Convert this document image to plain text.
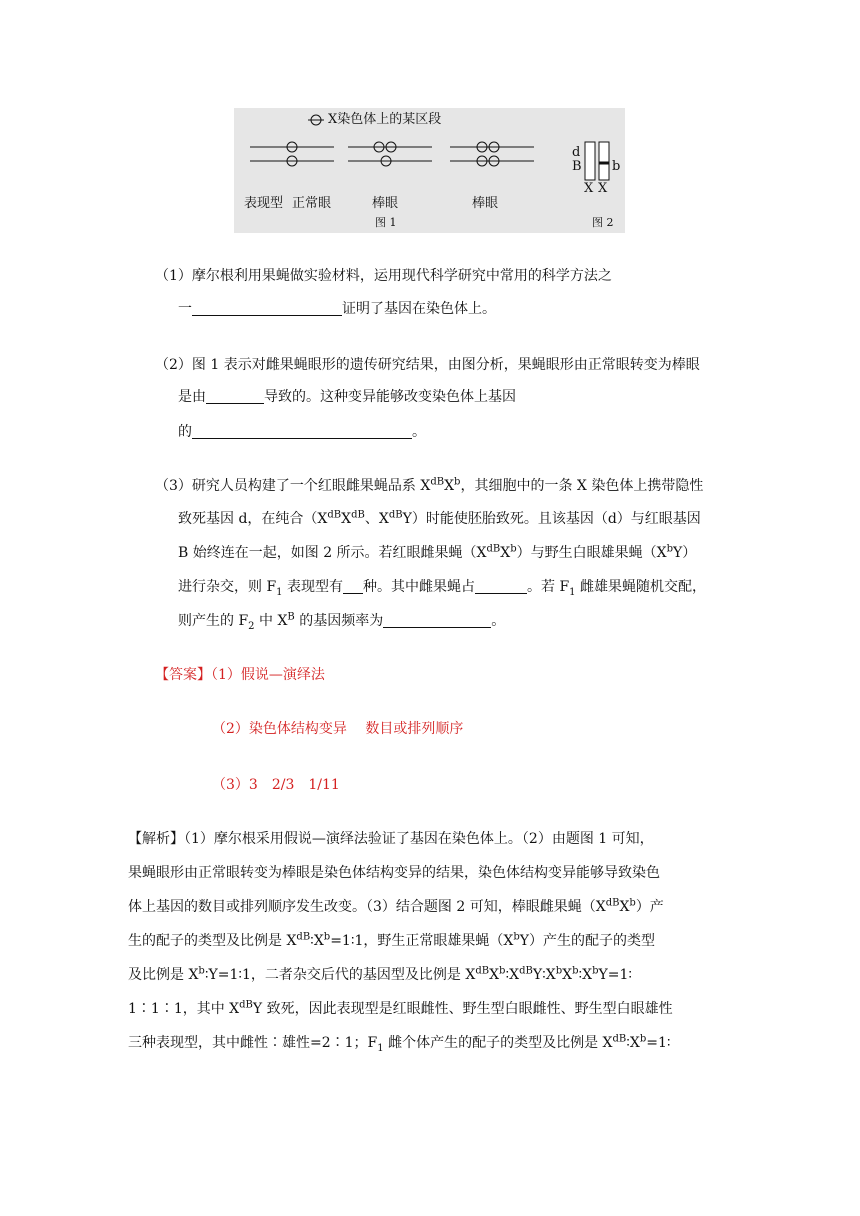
X染色体上的某区段
表现型 正常眼	棒眼	棒眼
图 1	图 2
d
B b
X X
（1）摩尔根利用果蝇做实验材料，运用现代科学研究中常用的科学方法之
一	证明了基因在染色体上。
（2）图 1 表示对雌果蝇眼形的遗传研究结果，由图分析，果蝇眼形由正常眼转变为棒眼
是由	导致的。这种变异能够改变染色体上基因
的	。
（3）研究人员构建了一个红眼雌果蝇品系 $X^{dB}X^b$，其细胞中的一条 X 染色体上携带隐性
致死基因 d，在纯合（$X^{dB}X^{dB}$、$X^{dB}Y$）时能使胚胎致死。且该基因（d）与红眼基因
B 始终连在一起，如图 2 所示。若红眼雌果蝇$(X^{dB}X^b)$与野生白眼雄果蝇$(X^bY)$
进行杂交，则 $F_1$ 表现型有 种。其中雌果蝇占	。若 $F_1$ 雌雄果蝇随机交配，
则产生的 $F_2$ 中 $X^B$ 的基因频率为	。
【答案】（1）假说—演绎法
（2）染色体结构变异　 数目或排列顺序
（3）3　2/3　1/11
【解析】（1）摩尔根采用假说—演绎法验证了基因在染色体上。（2）由题图 1 可知，
果蝇眼形由正常眼转变为棒眼是染色体结构变异的结果，染色体结构变异能够导致染色
体上基因的数目或排列顺序发生改变。（3）结合题图 2 可知，棒眼雌果蝇$(X^{dB}X^b)$产
生的配子的类型及比例是 $X^{dB}∶X^b=1∶1$，野生正常眼雄果蝇$(X^bY)$产生的配子的类型
及比例是 $X^b∶Y=1∶1$，二者杂交后代的基因型及比例是 $X^{dB}X^b∶X^{dB}Y∶X^bX^b∶X^bY=1∶$
1∶1∶1，其中 $X^{dB}Y$ 致死，因此表现型是红眼雌性、野生型白眼雌性、野生型白眼雄性
三种表现型，其中雌性∶雄性=2∶1；$F_1$ 雌个体产生的配子的类型及比例是 $X^{dB}∶X^b=1∶$
